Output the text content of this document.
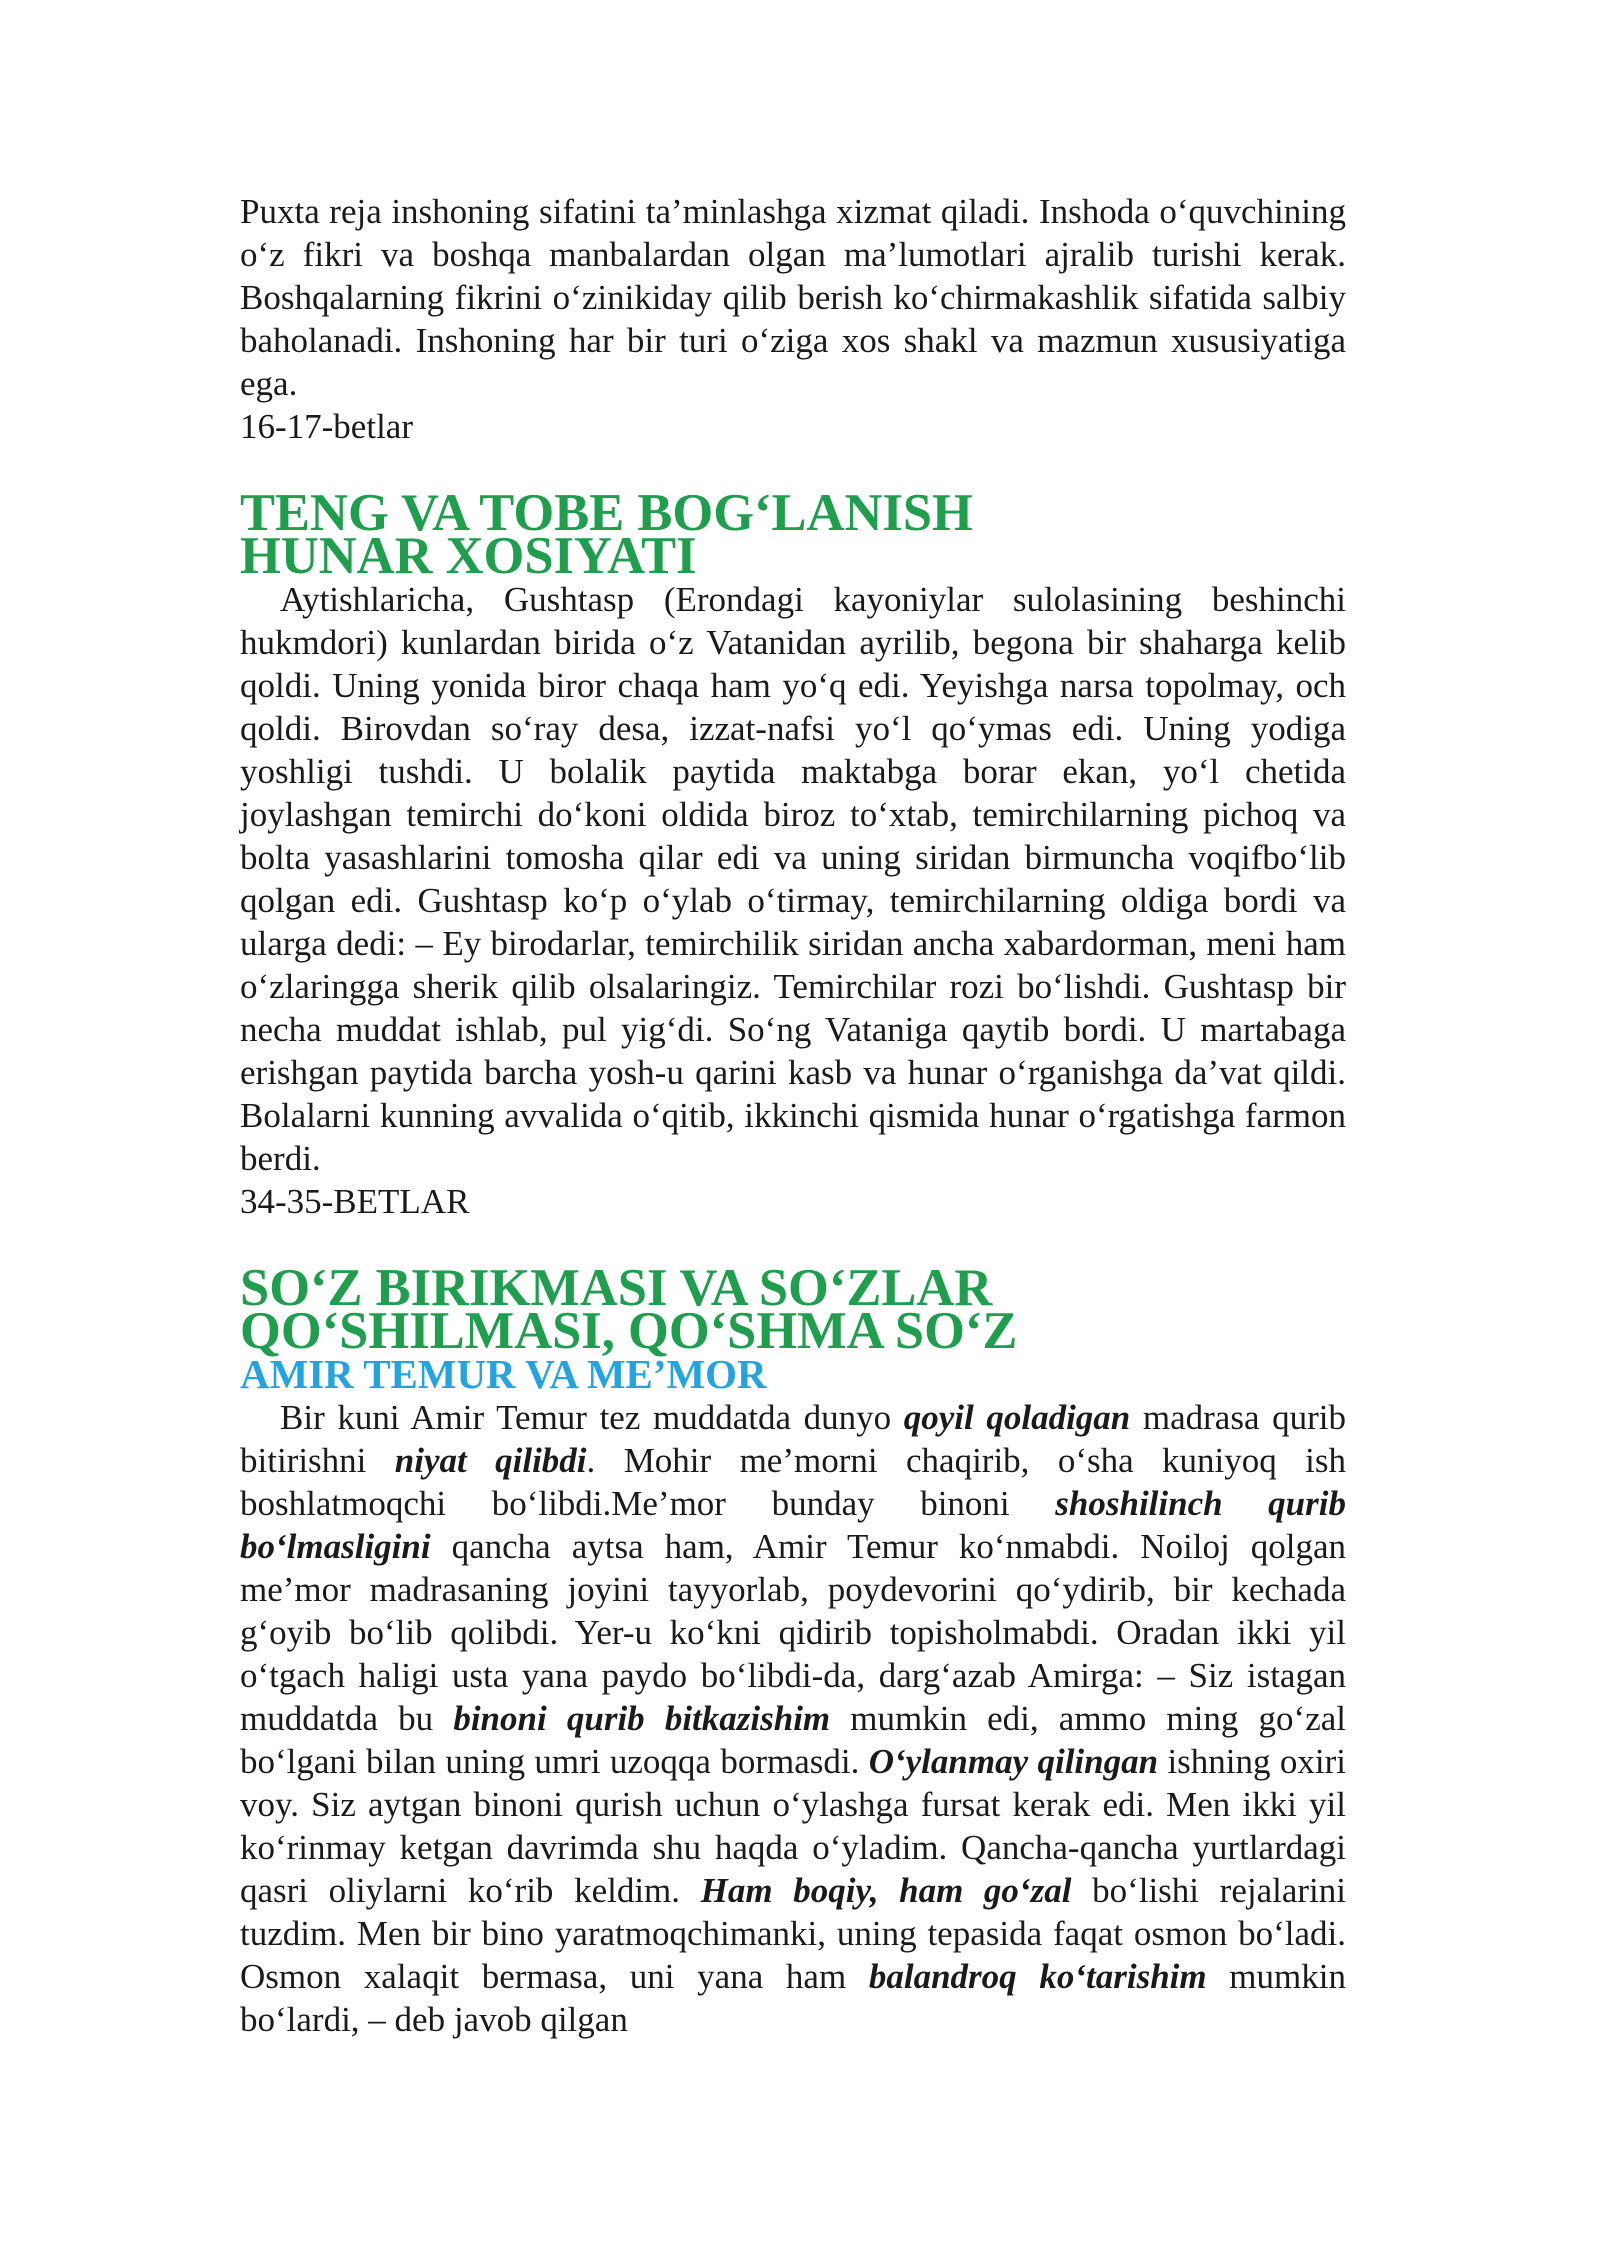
Puxta reja inshoning sifatini ta’minlashga xizmat qiladi. Inshoda o‘quvchining o‘z fikri va boshqa manbalardan olgan ma’lumotlari ajralib turishi kerak. Boshqalarning fikrini o‘zinikiday qilib berish ko‘chirmakashlik sifatida salbiy baholanadi. Inshoning har bir turi o‘ziga xos shakl va mazmun xususiyatiga ega.

16-17-betlar

TENG VA TOBE BOG‘LANISH
HUNAR XOSIYATI

Aytishlaricha, Gushtasp (Erondagi kayoniylar sulolasining beshinchi hukmdori) kunlardan birida o‘z Vatanidan ayrilib, begona bir shaharga kelib qoldi. Uning yonida biror chaqa ham yo‘q edi. Yeyishga narsa topolmay, och qoldi. Birovdan so‘ray desa, izzat-nafsi yo‘l qo‘ymas edi. Uning yodiga yoshligi tushdi. U bolalik paytida maktabga borar ekan, yo‘l chetida joylashgan temirchi do‘koni oldida biroz to‘xtab, temirchilarning pichoq va bolta yasashlarini tomosha qilar edi va uning siridan birmuncha voqifbo‘lib qolgan edi. Gushtasp ko‘p o‘ylab o‘tirmay, temirchilarning oldiga bordi va ularga dedi: – Ey birodarlar, temirchilik siridan ancha xabardorman, meni ham o‘zlaringga sherik qilib olsalaringiz. Temirchilar rozi bo‘lishdi. Gushtasp bir necha muddat ishlab, pul yig‘di. So‘ng Vataniga qaytib bordi. U martabaga erishgan paytida barcha yosh-u qarini kasb va hunar o‘rganishga da’vat qildi. Bolalarni kunning avvalida o‘qitib, ikkinchi qismida hunar o‘rgatishga farmon berdi.

34-35-BETLAR

SO‘Z BIRIKMASI VA SO‘ZLAR
QO‘SHILMASI, QO‘SHMA SO‘Z
AMIR TEMUR VA ME’MOR

Bir kuni Amir Temur tez muddatda dunyo qoyil qoladigan madrasa qurib bitirishni niyat qilibdi. Mohir me’morni chaqirib, o‘sha kuniyoq ish boshlatmoqchi bo‘libdi.Me’mor bunday binoni shoshilinch qurib bo‘lmasligini qancha aytsa ham, Amir Temur ko‘nmabdi. Noiloj qolgan me’mor madrasaning joyini tayyorlab, poydevorini qo‘ydirib, bir kechada g‘oyib bo‘lib qolibdi. Yer-u ko‘kni qidirib topisholmabdi. Oradan ikki yil o‘tgach haligi usta yana paydo bo‘libdi-da, darg‘azab Amirga: – Siz istagan muddatda bu binoni qurib bitkazishim mumkin edi, ammo ming go‘zal bo‘lgani bilan uning umri uzoqqa bormasdi. O‘ylanmay qilingan ishning oxiri voy. Siz aytgan binoni qurish uchun o‘ylashga fursat kerak edi. Men ikki yil ko‘rinmay ketgan davrimda shu haqda o‘yladim. Qancha-qancha yurtlardagi qasri oliylarni ko‘rib keldim. Ham boqiy, ham go‘zal bo‘lishi rejalarini tuzdim. Men bir bino yaratmoqchimanki, uning tepasida faqat osmon bo‘ladi. Osmon xalaqit bermasa, uni yana ham balandroq ko‘tarishim mumkin bo‘lardi, – deb javob qilgan
